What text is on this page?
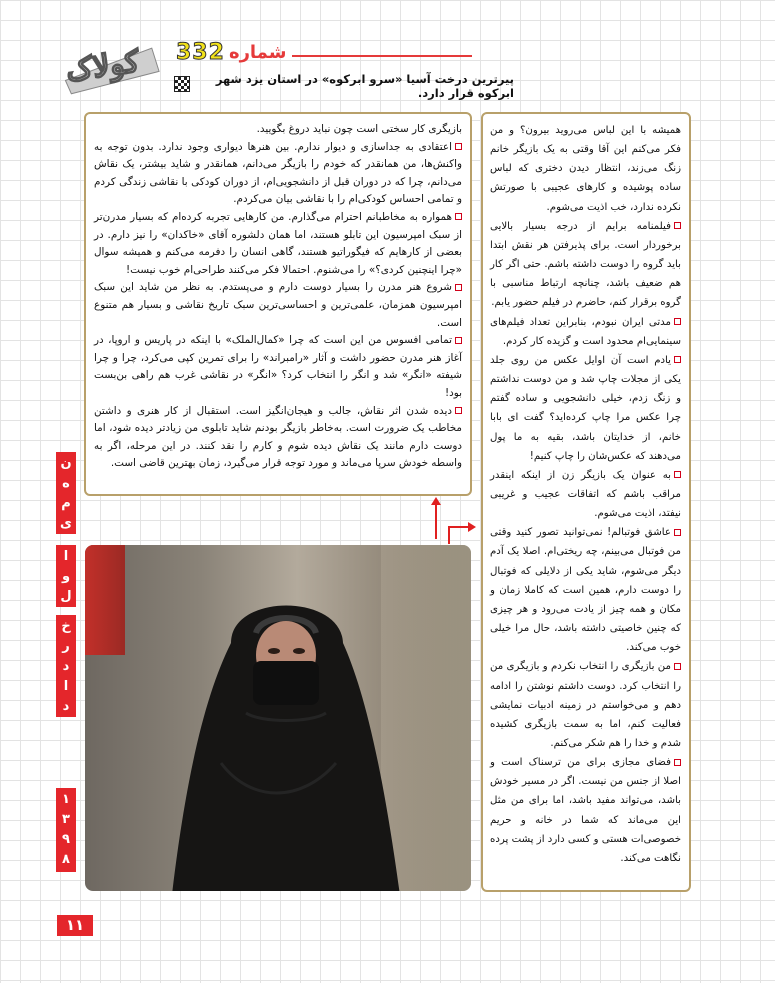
کولاک	شماره
332
پیرترین درخت آسیا «سرو ابرکوه» در استان یزد شهر ابرکوه قرار دارد.

بازیگری کار سختی است چون نباید دروغ بگویید.

اعتقادی به جداسازی و دیوار ندارم. بین هنرها دیواری وجود ندارد. بدون توجه به واکنش‌ها، من همانقدر که خودم را بازیگر می‌دانم، همانقدر و شاید بیشتر، یک نقاش می‌دانم، چرا که در دوران قبل از دانشجویی‌ام، از دوران کودکی با نقاشی زندگی کردم و تمامی احساس کودکی‌ام را با نقاشی بیان می‌کردم.

همواره به مخاطبانم احترام می‌گذارم. من کارهایی تجربه کرده‌ام که بسیار مدرن‌تر از سبک امپرسیون این تابلو هستند، اما همان دلشوره آقای «خاکدان» را نیز دارم. در بعضی از کارهایم که فیگوراتیو هستند، گاهی انسان را دفرمه می‌کنم و همیشه سوال «چرا اینچنین کردی؟» را می‌شنوم. احتمالا فکر می‌کنند طراحی‌ام خوب نیست!

شروع هنر مدرن را بسیار دوست دارم و می‌پستدم. به نظر من شاید این سبک امپرسیون همزمان، علمی‌ترین و احساسی‌ترین سبک تاریخ نقاشی و بسیار هم متنوع است.

تمامی افسوس من این است که چرا «کمال‌الملک» با اینکه در پاریس و اروپا، در آغاز هنر مدرن حضور داشت و آثار «رامبراند» را برای تمرین کپی می‌کرد، چرا و چرا شیفته «انگر» شد و انگر را انتخاب کرد؟ «انگر» در نقاشی غرب هم راهی بن‌بست بود!

دیده شدن اثر نقاش، جالب و هیجان‌انگیز است. استقبال از کار هنری و داشتن مخاطب یک ضرورت است. به‌خاطر بازیگر بودنم شاید تابلوی من زیادتر دیده شود، اما دوست دارم مانند یک نقاش دیده شوم و کارم را نقد کنند. در این مرحله، اگر به واسطه خودش سرپا می‌ماند و مورد توجه قرار می‌گیرد، زمان بهترین قاضی است.

همیشه با این لباس می‌روید بیرون؟ و من فکر می‌کنم این آقا وقتی به یک بازیگر خانم زنگ می‌زند، انتظار دیدن دختری که لباس ساده پوشیده و کارهای عجیبی با صورتش نکرده ندارد، خب اذیت می‌شوم.

فیلمنامه برایم از درجه بسیار بالایی برخوردار است. برای پذیرفتن هر نقش ابتدا باید گروه را دوست داشته باشم. حتی اگر کار هم ضعیف باشد، چنانچه ارتباط مناسبی با گروه برقرار کنم، حاضرم در فیلم حضور یابم.

مدتی ایران نبودم، بنابراین تعداد فیلم‌های سینمایی‌ام محدود است و گزیده کار کردم.

یادم است آن اوایل عکس من روی جلد یکی از مجلات چاپ شد و من دوست نداشتم و زنگ زدم، خیلی دانشجویی و ساده گفتم چرا عکس مرا چاپ کرده‌اید؟ گفت ای بابا خانم، از خدایتان باشد، بقیه به ما پول می‌دهند که عکس‌شان را چاپ کنیم!

به عنوان یک بازیگر زن از اینکه اینقدر مراقب باشم که اتفاقات عجیب و غریبی نیفتد، اذیت می‌شوم.

عاشق فوتبالم! نمی‌توانید تصور کنید وقتی من فوتبال می‌بینم، چه ریختی‌ام. اصلا یک آدم دیگر می‌شوم، شاید یکی از دلایلی که فوتبال را دوست دارم، همین است که کاملا زمان و مکان و همه چیز از یادت می‌رود و هر چیزی که چنین خاصیتی داشته باشد، حال مرا خیلی خوب می‌کند.

من بازیگری را انتخاب نکردم و بازیگری من را انتخاب کرد. دوست داشتم نوشتن را ادامه دهم و می‌خواستم در زمینه ادبیات نمایشی فعالیت کنم، اما به سمت بازیگری کشیده شدم و خدا را هم شکر می‌کنم.

فضای مجازی برای من ترسناک است و اصلا از جنس من نیست. اگر در مسیر خودش باشد، می‌تواند مفید باشد، اما برای من مثل این می‌ماند که شما در خانه و حریم خصوصی‌ات هستی و کسی دارد از پشت پرده نگاهت می‌کند.

ن
ه
م
ی
ا
و
ل
خ
ر
د
ا
د
۱
۳
۹
۸
۱۱
